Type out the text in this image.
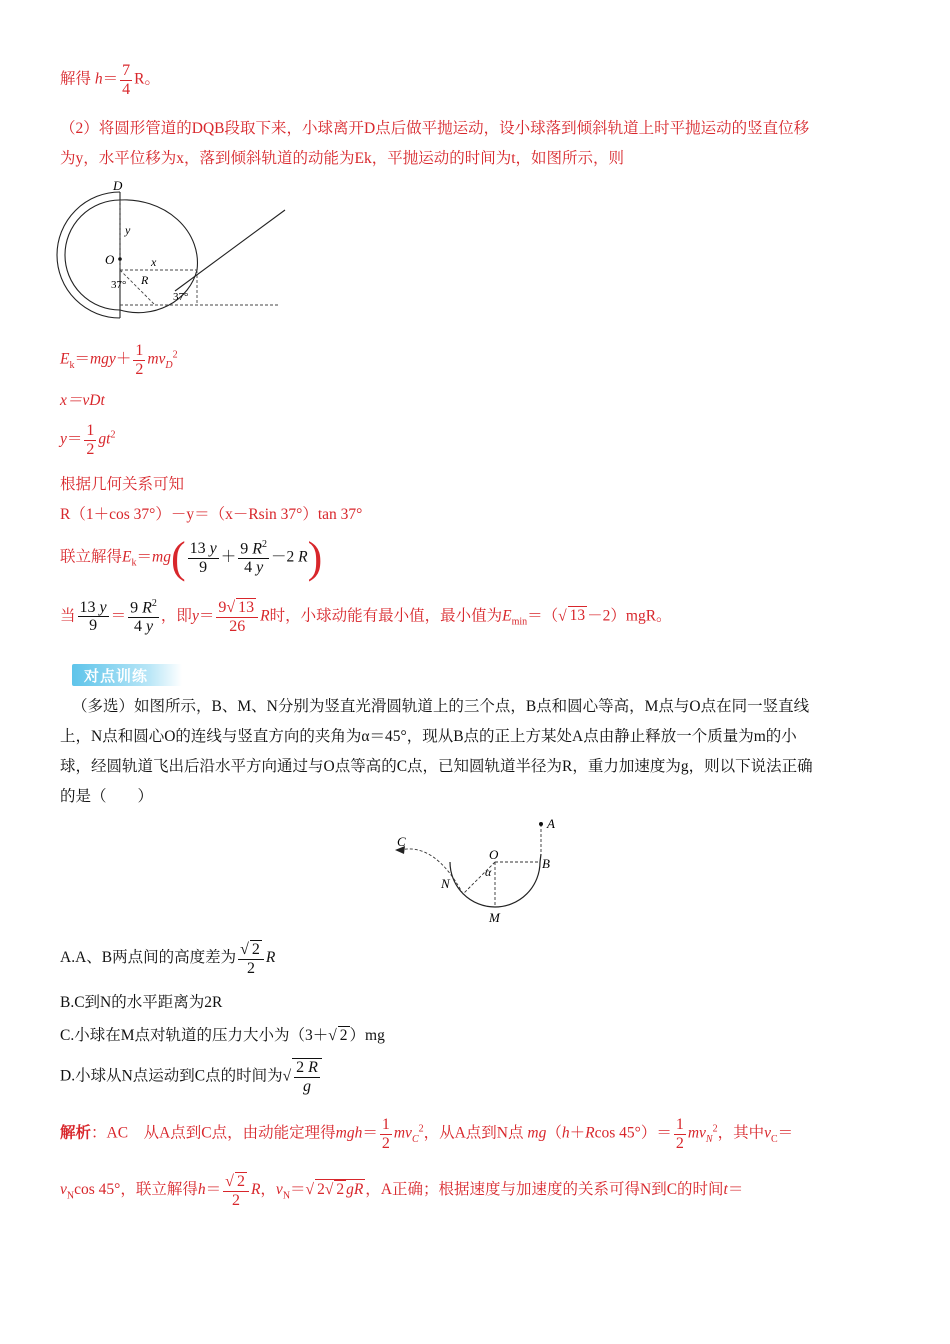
解得 $h= \frac{7}{4}$ R。
（2）将圆形管道的DQB段取下来，小球离开D点后做平抛运动，设小球落到倾斜轨道上时平抛运动的竖直位移
为y，水平位移为x，落到倾斜轨道的动能为Ek，平抛运动的时间为t，如图所示，则
D
y
O	x
37° R
37°
$E_k=mgy+ \frac{1}{2} mv_D^2$
x＝vDt
$y= \frac{1}{2} gt^2$
根据几何关系可知
R（1＋cos 37°）－y＝（x－Rsin 37°）tan 37°
联立解得$E_k=mg( \frac{13 y}{9} + \frac{9 R^2}{4 y} -2$ R)
当 $\frac{13 y}{9} = \frac{9 R^2}{4 y}$ ，即$y= \frac{9√ 13}{26}$ R时，小球动能有最小值，最小值为$E_{min}=(√$ 13 －2）mgR。
对点训练
（多选）如图所示，B、M、N分别为竖直光滑圆轨道上的三个点，B点和圆心等高，M点与O点在同一竖直线
上，N点和圆心O的连线与竖直方向的夹角为α＝45°，现从B点的正上方某处A点由静止释放一个质量为m的小
球，经圆轨道飞出后沿水平方向通过与O点等高的C点，已知圆轨道半径为R，重力加速度为g，则以下说法正确
的是（　　）
A
C
O
B
N
α
M
A.A、B两点间的高度差为 $\frac{√ 2}{2}$ R
B.C到N的水平距离为2R
C.小球在M点对轨道的压力大小为（3＋√ 2 ）mg
D.小球从N点运动到C点的时间为√ $\frac{2 R}{g}$
解析：AC　 从A点到C点，由动能定理得$mgh= \frac{1}{2} mv_C^2$，从A点到N点 mg（h＋Rcos $45^\circ)= \frac{1}{2} mv_N^2$，其中$v_C=$
$v_N\cos$ 45°，联立解得$h= \frac{√ 2}{2}$ R，$v_N=√$ 2√ 2 gR ，A正确；根据速度与加速度的关系可得N到C的时间t＝
